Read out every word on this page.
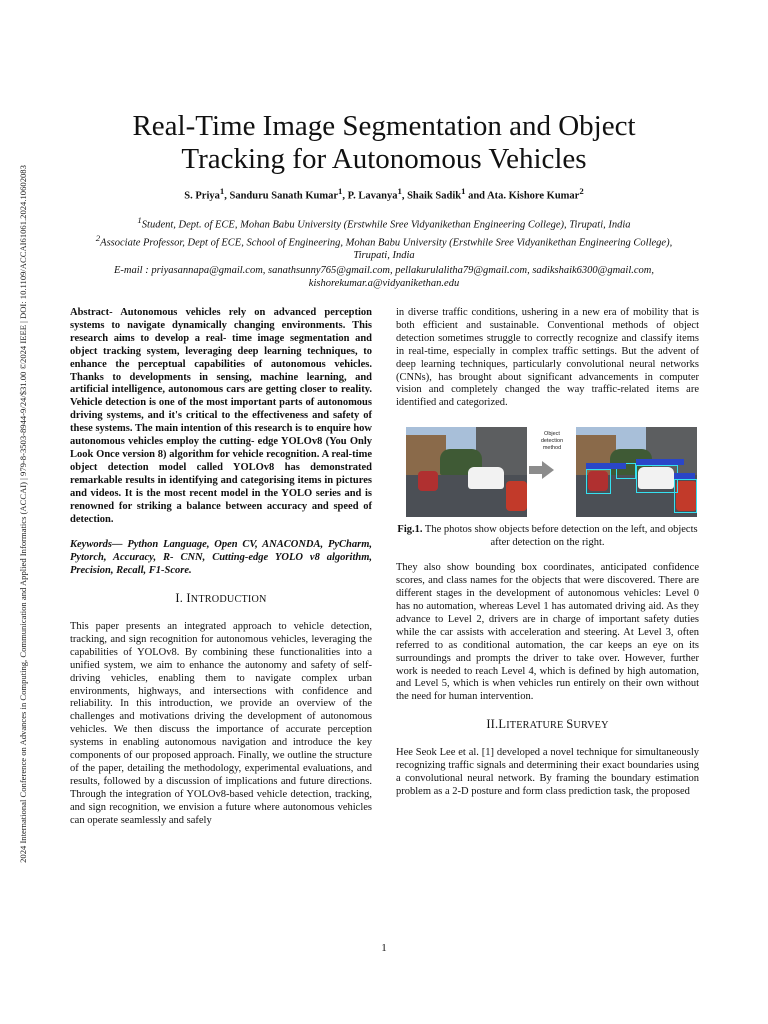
2024 International Conference on Advances in Computing, Communication and Applied Informatics (ACCAI) | 979-8-3503-8944-9/24/$31.00 ©2024 IEEE | DOI: 10.1109/ACCAI61061.2024.10602083
Real-Time Image Segmentation and Object
Tracking for Autonomous Vehicles
S. Priya$^1$, Sanduru Sanath Kumar$^1$, P. Lavanya$^1$, Shaik Sadik$^1$ and Ata. Kishore Kumar$^2$
$^1$Student, Dept. of ECE, Mohan Babu University (Erstwhile Sree Vidyanikethan Engineering College), Tirupati, India
$^2$Associate Professor, Dept of ECE, School of Engineering, Mohan Babu University (Erstwhile Sree Vidyanikethan Engineering College), Tirupati, India
E-mail : priyasannapa@gmail.com, sanathsunny765@gmail.com, pellakurulalitha79@gmail.com, sadikshaik6300@gmail.com, kishorekumar.a@vidyanikethan.edu

Abstract- Autonomous vehicles rely on advanced perception systems to navigate dynamically changing environments. This research aims to develop a real- time image segmentation and object tracking system, leveraging deep learning techniques, to enhance the perceptual capabilities of autonomous vehicles. Thanks to developments in sensing, machine learning, and artificial intelligence, autonomous cars are getting closer to reality. Vehicle detection is one of the most important parts of autonomous driving systems, and it's critical to the effectiveness and safety of these systems. The main intention of this research is to enquire how autonomous vehicles employ the cutting- edge YOLOv8 (You Only Look Once version 8) algorithm for vehicle recognition. A real-time object detection model called YOLOv8 has demonstrated remarkable results in identifying and categorising items in pictures and videos. It is the most recent model in the YOLO series and is renowned for striking a balance between accuracy and speed of detection.

Keywords— Python Language, Open CV, ANACONDA, PyCharm, Pytorch, Accuracy, R- CNN, Cutting-edge YOLO v8 algorithm, Precision, Recall, F1-Score.

I. INTRODUCTION

This paper presents an integrated approach to vehicle detection, tracking, and sign recognition for autonomous vehicles, leveraging the capabilities of YOLOv8. By combining these functionalities into a unified system, we aim to enhance the autonomy and safety of self-driving vehicles, enabling them to navigate complex urban environments, highways, and intersections with confidence and reliability. In this introduction, we provide an overview of the challenges and motivations driving the development of autonomous vehicles. We then discuss the importance of accurate perception systems in enabling autonomous navigation and introduce the key components of our proposed approach. Finally, we outline the structure of the paper, detailing the methodology, experimental evaluations, and results, followed by a discussion of implications and future directions. Through the integration of YOLOv8-based vehicle detection, tracking, and sign recognition, we envision a future where autonomous vehicles can operate seamlessly and safely

in diverse traffic conditions, ushering in a new era of mobility that is both efficient and sustainable. Conventional methods of object detection sometimes struggle to correctly recognize and classify items in real-time, especially in complex traffic settings. But the advent of deep learning techniques, particularly convolutional neural networks (CNNs), has brought about significant advancements in computer vision and completely changed the way traffic-related items are identified and categorized.

Object detection method

Fig.1. The photos show objects before detection on the left, and objects after detection on the right.

They also show bounding box coordinates, anticipated confidence scores, and class names for the objects that were discovered. There are different stages in the development of autonomous vehicles: Level 0 has no automation, whereas Level 1 has automated driving aid. As they advance to Level 2, drivers are in charge of important safety duties while the car assists with acceleration and steering. At Level 3, often referred to as conditional automation, the car keeps an eye on its surroundings and prompts the driver to take over. However, further work is needed to reach Level 4, which is defined by high automation, and Level 5, which is when vehicles run entirely on their own without the need for human intervention.

II.LITERATURE SURVEY

Hee Seok Lee et al. [1] developed a novel technique for simultaneously recognizing traffic signals and determining their exact boundaries using a convolutional neural network. By framing the boundary estimation problem as a 2-D posture and form class prediction task, the proposed

1
